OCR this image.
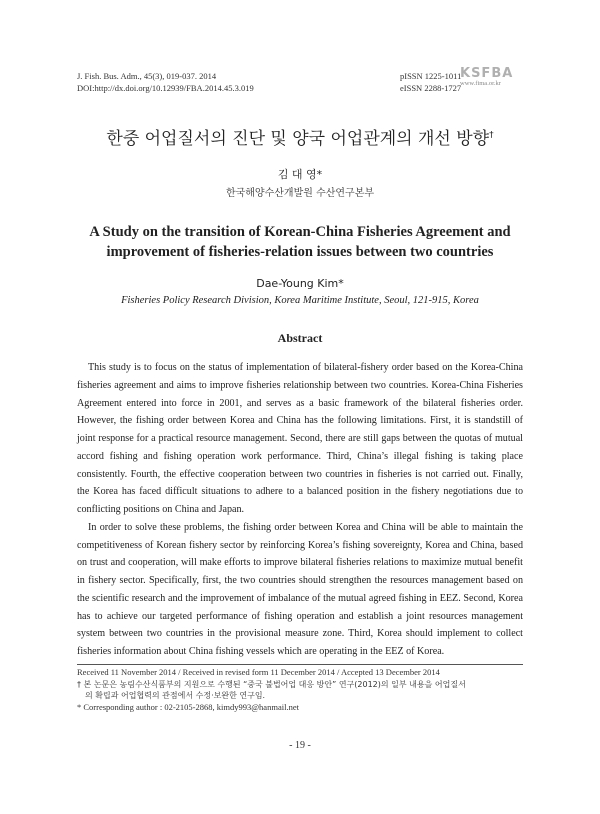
J. Fish. Bus. Adm., 45(3), 019-037. 2014
DOI:http://dx.doi.org/10.12939/FBA.2014.45.3.019
pISSN 1225-1011
eISSN 2288-1727
KSFBA
www.fima.or.kr
한중 어업질서의 진단 및 양국 어업관계의 개선 방향†
김 대 영*
한국해양수산개발원 수산연구본부
A Study on the transition of Korean-China Fisheries Agreement and improvement of fisheries-relation issues between two countries
Dae-Young Kim*
Fisheries Policy Research Division, Korea Maritime Institute, Seoul, 121-915, Korea
Abstract

This study is to focus on the status of implementation of bilateral-fishery order based on the Korea-China fisheries agreement and aims to improve fisheries relationship between two countries. Korea-China Fisheries Agreement entered into force in 2001, and serves as a basic framework of the bilateral fisheries order. However, the fishing order between Korea and China has the following limitations. First, it is standstill of joint response for a practical resource management. Second, there are still gaps between the quotas of mutual accord fishing and fishing operation work performance. Third, China’s illegal fishing is taking place consistently. Fourth, the effective cooperation between two countries in fisheries is not carried out. Finally, the Korea has faced difficult situations to adhere to a balanced position in the fishery negotiations due to conflicting positions on China and Japan.

In order to solve these problems, the fishing order between Korea and China will be able to maintain the competitiveness of Korean fishery sector by reinforcing Korea’s fishing sovereignty, Korea and China, based on trust and cooperation, will make efforts to improve bilateral fisheries relations to maximize mutual benefit in fishery sector. Specifically, first, the two countries should strengthen the resources management based on the scientific research and the improvement of imbalance of the mutual agreed fishing in EEZ. Second, Korea has to achieve our targeted performance of fishing operation and establish a joint resources management system between two countries in the provisional measure zone. Third, Korea should implement to collect fisheries information about China fishing vessels which are operating in the EEZ of Korea.

Received 11 November 2014 / Received in revised form 11 December 2014 / Accepted 13 December 2014
† 본 논문은 농림수산식품부의 지원으로 수행된 “중국 불법어업 대응 방안” 연구(2012)의 일부 내용을 어업질서
의 확립과 어업협력의 관점에서 수정·보완한 연구임.
* Corresponding author : 02-2105-2868, kimdy993@hanmail.net
- 19 -
